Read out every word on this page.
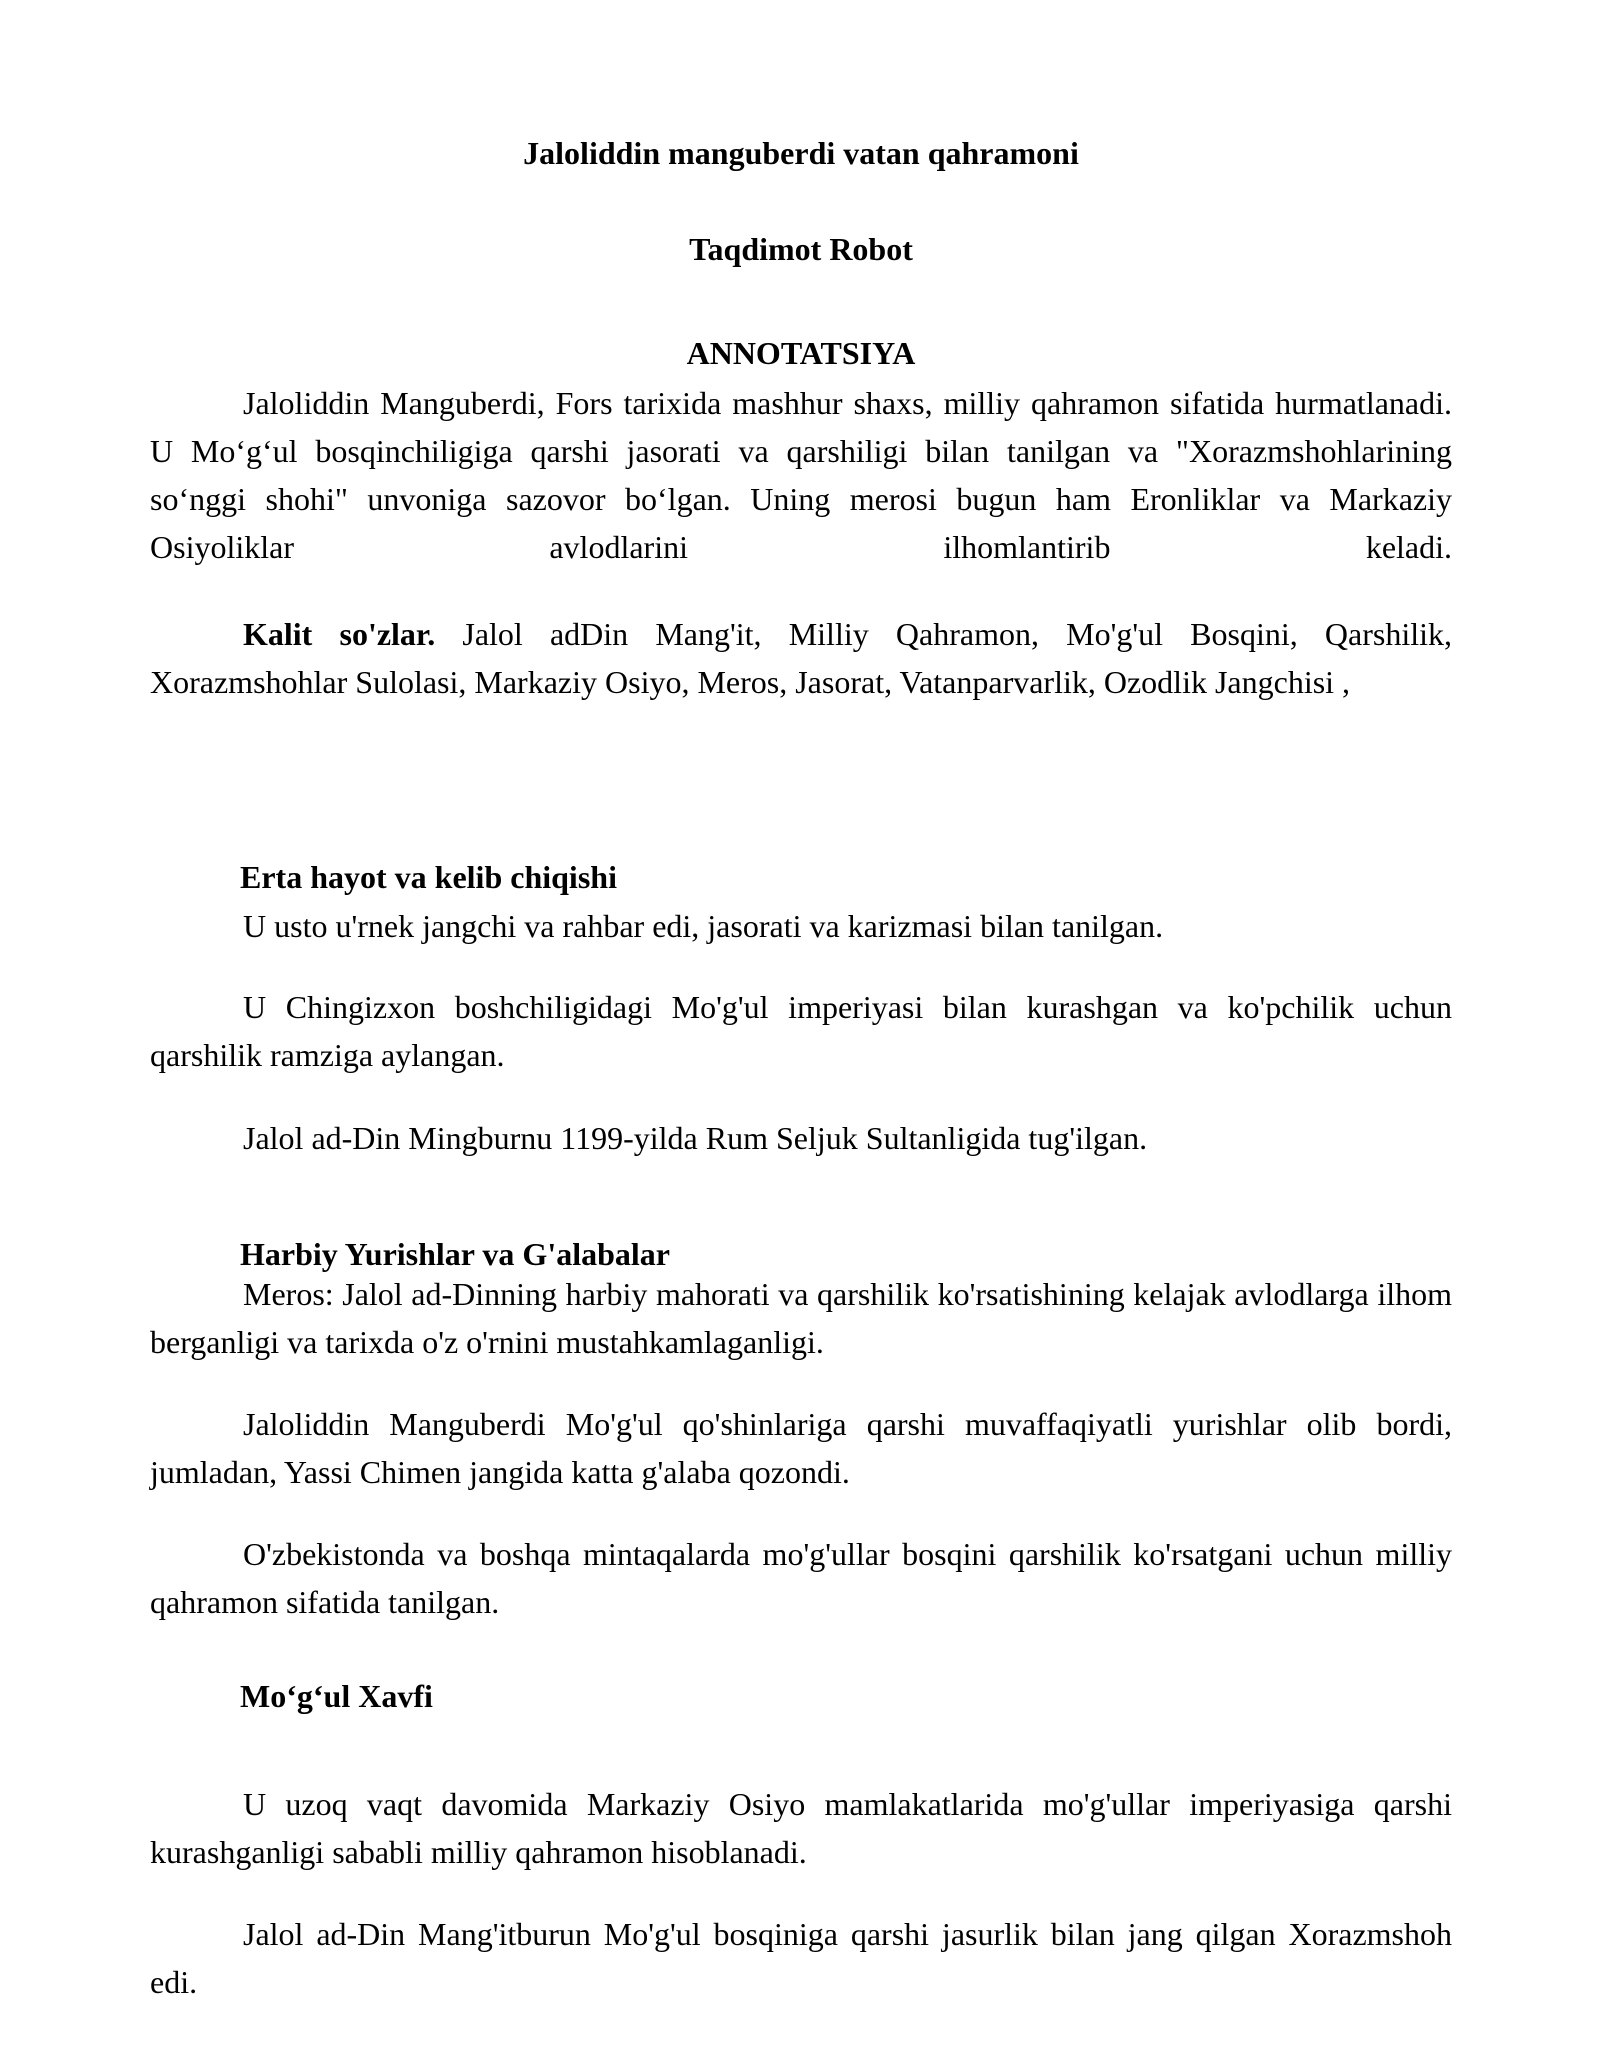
Jaloliddin manguberdi vatan qahramoni
Taqdimot Robot
ANNOTATSIYA

Jaloliddin Manguberdi, Fors tarixida mashhur shaxs, milliy qahramon sifatida hurmatlanadi. U Mo‘g‘ul bosqinchiligiga qarshi jasorati va qarshiligi bilan tanilgan va "Xorazmshohlarining so‘nggi shohi" unvoniga sazovor bo‘lgan. Uning merosi bugun ham Eronliklar va Markaziy Osiyoliklar avlodlarini ilhomlantirib keladi.

Kalit so'zlar. Jalol adDin Mang'it, Milliy Qahramon, Mo'g'ul Bosqini, Qarshilik, Xorazmshohlar Sulolasi, Markaziy Osiyo, Meros, Jasorat, Vatanparvarlik, Ozodlik Jangchisi ,

Erta hayot va kelib chiqishi

U usto u'rnek jangchi va rahbar edi, jasorati va karizmasi bilan tanilgan.

U Chingizxon boshchiligidagi Mo'g'ul imperiyasi bilan kurashgan va ko'pchilik uchun qarshilik ramziga aylangan.

Jalol ad-Din Mingburnu 1199-yilda Rum Seljuk Sultanligida tug'ilgan.

Harbiy Yurishlar va G'alabalar

Meros: Jalol ad-Dinning harbiy mahorati va qarshilik ko'rsatishining kelajak avlodlarga ilhom berganligi va tarixda o'z o'rnini mustahkamlaganligi.

Jaloliddin Manguberdi Mo'g'ul qo'shinlariga qarshi muvaffaqiyatli yurishlar olib bordi, jumladan, Yassi Chimen jangida katta g'alaba qozondi.

O'zbekistonda va boshqa mintaqalarda mo'g'ullar bosqini qarshilik ko'rsatgani uchun milliy qahramon sifatida tanilgan.

Mo‘g‘ul Xavfi

U uzoq vaqt davomida Markaziy Osiyo mamlakatlarida mo'g'ullar imperiyasiga qarshi kurashganligi sababli milliy qahramon hisoblanadi.

Jalol ad-Din Mang'itburun Mo'g'ul bosqiniga qarshi jasurlik bilan jang qilgan Xorazmshoh edi.
